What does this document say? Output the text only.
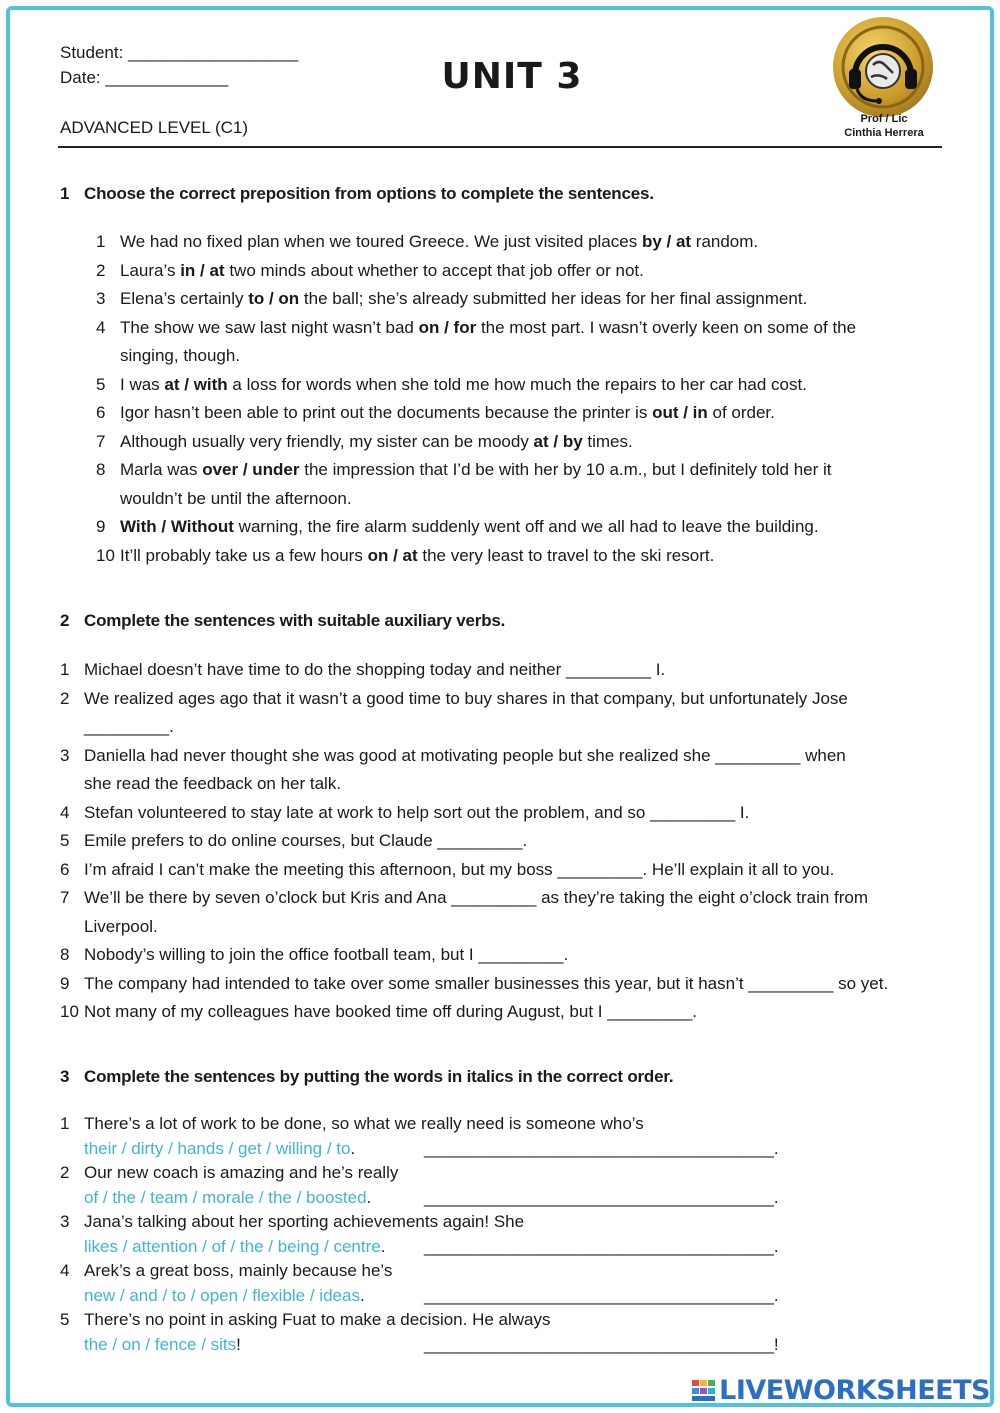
Student: __________________
Date: _____________
ADVANCED LEVEL (C1)
UNIT 3
Prof / Lic
Cinthia Herrera
1 Choose the correct preposition from options to complete the sentences.
1 We had no fixed plan when we toured Greece. We just visited places by / at random.
2 Laura’s in / at two minds about whether to accept that job offer or not.
3 Elena’s certainly to / on the ball; she’s already submitted her ideas for her final assignment.
4 The show we saw last night wasn’t bad on / for the most part. I wasn’t overly keen on some of the
singing, though.
5 I was at / with a loss for words when she told me how much the repairs to her car had cost.
6 Igor hasn’t been able to print out the documents because the printer is out / in of order.
7 Although usually very friendly, my sister can be moody at / by times.
8 Marla was over / under the impression that I’d be with her by 10 a.m., but I definitely told her it
wouldn’t be until the afternoon.
9 With / Without warning, the fire alarm suddenly went off and we all had to leave the building.
10 It’ll probably take us a few hours on / at the very least to travel to the ski resort.
2 Complete the sentences with suitable auxiliary verbs.
1 Michael doesn’t have time to do the shopping today and neither _________ I.
2 We realized ages ago that it wasn’t a good time to buy shares in that company, but unfortunately Jose
_________.
3 Daniella had never thought she was good at motivating people but she realized she _________ when
she read the feedback on her talk.
4 Stefan volunteered to stay late at work to help sort out the problem, and so _________ I.
5 Emile prefers to do online courses, but Claude _________.
6 I’m afraid I can’t make the meeting this afternoon, but my boss _________. He’ll explain it all to you.
7 We’ll be there by seven o’clock but Kris and Ana _________ as they’re taking the eight o’clock train from
Liverpool.
8 Nobody’s willing to join the office football team, but I _________.
9 The company had intended to take over some smaller businesses this year, but it hasn’t _________ so yet.
10 Not many of my colleagues have booked time off during August, but I _________.
3 Complete the sentences by putting the words in italics in the correct order.
1 There’s a lot of work to be done, so what we really need is someone who’s
their / dirty / hands / get / willing / to.	_____________________________________.
2 Our new coach is amazing and he’s really
of / the / team / morale / the / boosted.	_____________________________________.
3 Jana’s talking about her sporting achievements again! She
likes / attention / of / the / being / centre. _____________________________________.
4 Arek’s a great boss, mainly because he’s
new / and / to / open / flexible / ideas.	_____________________________________.
5 There’s no point in asking Fuat to make a decision. He always
the / on / fence / sits!	_____________________________________!
LIVEWORKSHEETS
